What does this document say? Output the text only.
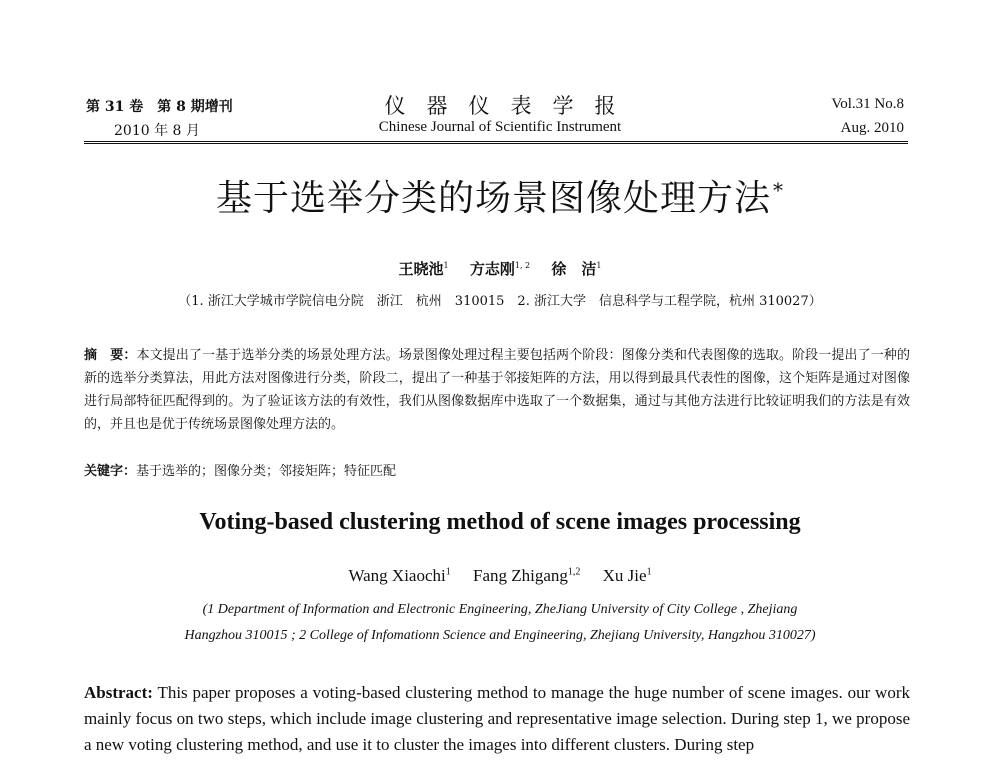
第 31 卷　第 8 期增刊
2010 年 8 月
仪　器　仪　表　学　报
Chinese Journal of Scientific Instrument
Vol.31 No.8
Aug. 2010
基于选举分类的场景图像处理方法 *
王晓池$^1$ 方志刚$^{1, 2}$ 徐　洁$^1$
（1. 浙江大学城市学院信电分院　浙江　杭州　310015　2. 浙江大学　信息科学与工程学院，杭州 310027）
摘　要：本文提出了一基于选举分类的场景处理方法。场景图像处理过程主要包括两个阶段：图像分类和代表图像的选取。阶段一提出了一种的新的选举分类算法，用此方法对图像进行分类，阶段二，提出了一种基于邻接矩阵的方法，用以得到最具代表性的图像，这个矩阵是通过对图像进行局部特征匹配得到的。为了验证该方法的有效性，我们从图像数据库中选取了一个数据集，通过与其他方法进行比较证明我们的方法是有效的，并且也是优于传统场景图像处理方法的。
关键字：基于选举的；图像分类；邻接矩阵；特征匹配
Voting-based clustering method of scene images processing
Wang Xiaochi$^1$ Fang Zhigang$^{1,2}$ Xu Jie$^1$
(1 Department of Information and Electronic Engineering, ZheJiang University of City College , Zhejiang
Hangzhou 310015 ; 2 College of Infomationn Science and Engineering, Zhejiang University, Hangzhou 310027)
Abstract: This paper proposes a voting-based clustering method to manage the huge number of scene images. our work mainly focus on two steps, which include image clustering and representative image selection. During step 1, we propose a new voting clustering method, and use it to cluster the images into different clusters. During step
